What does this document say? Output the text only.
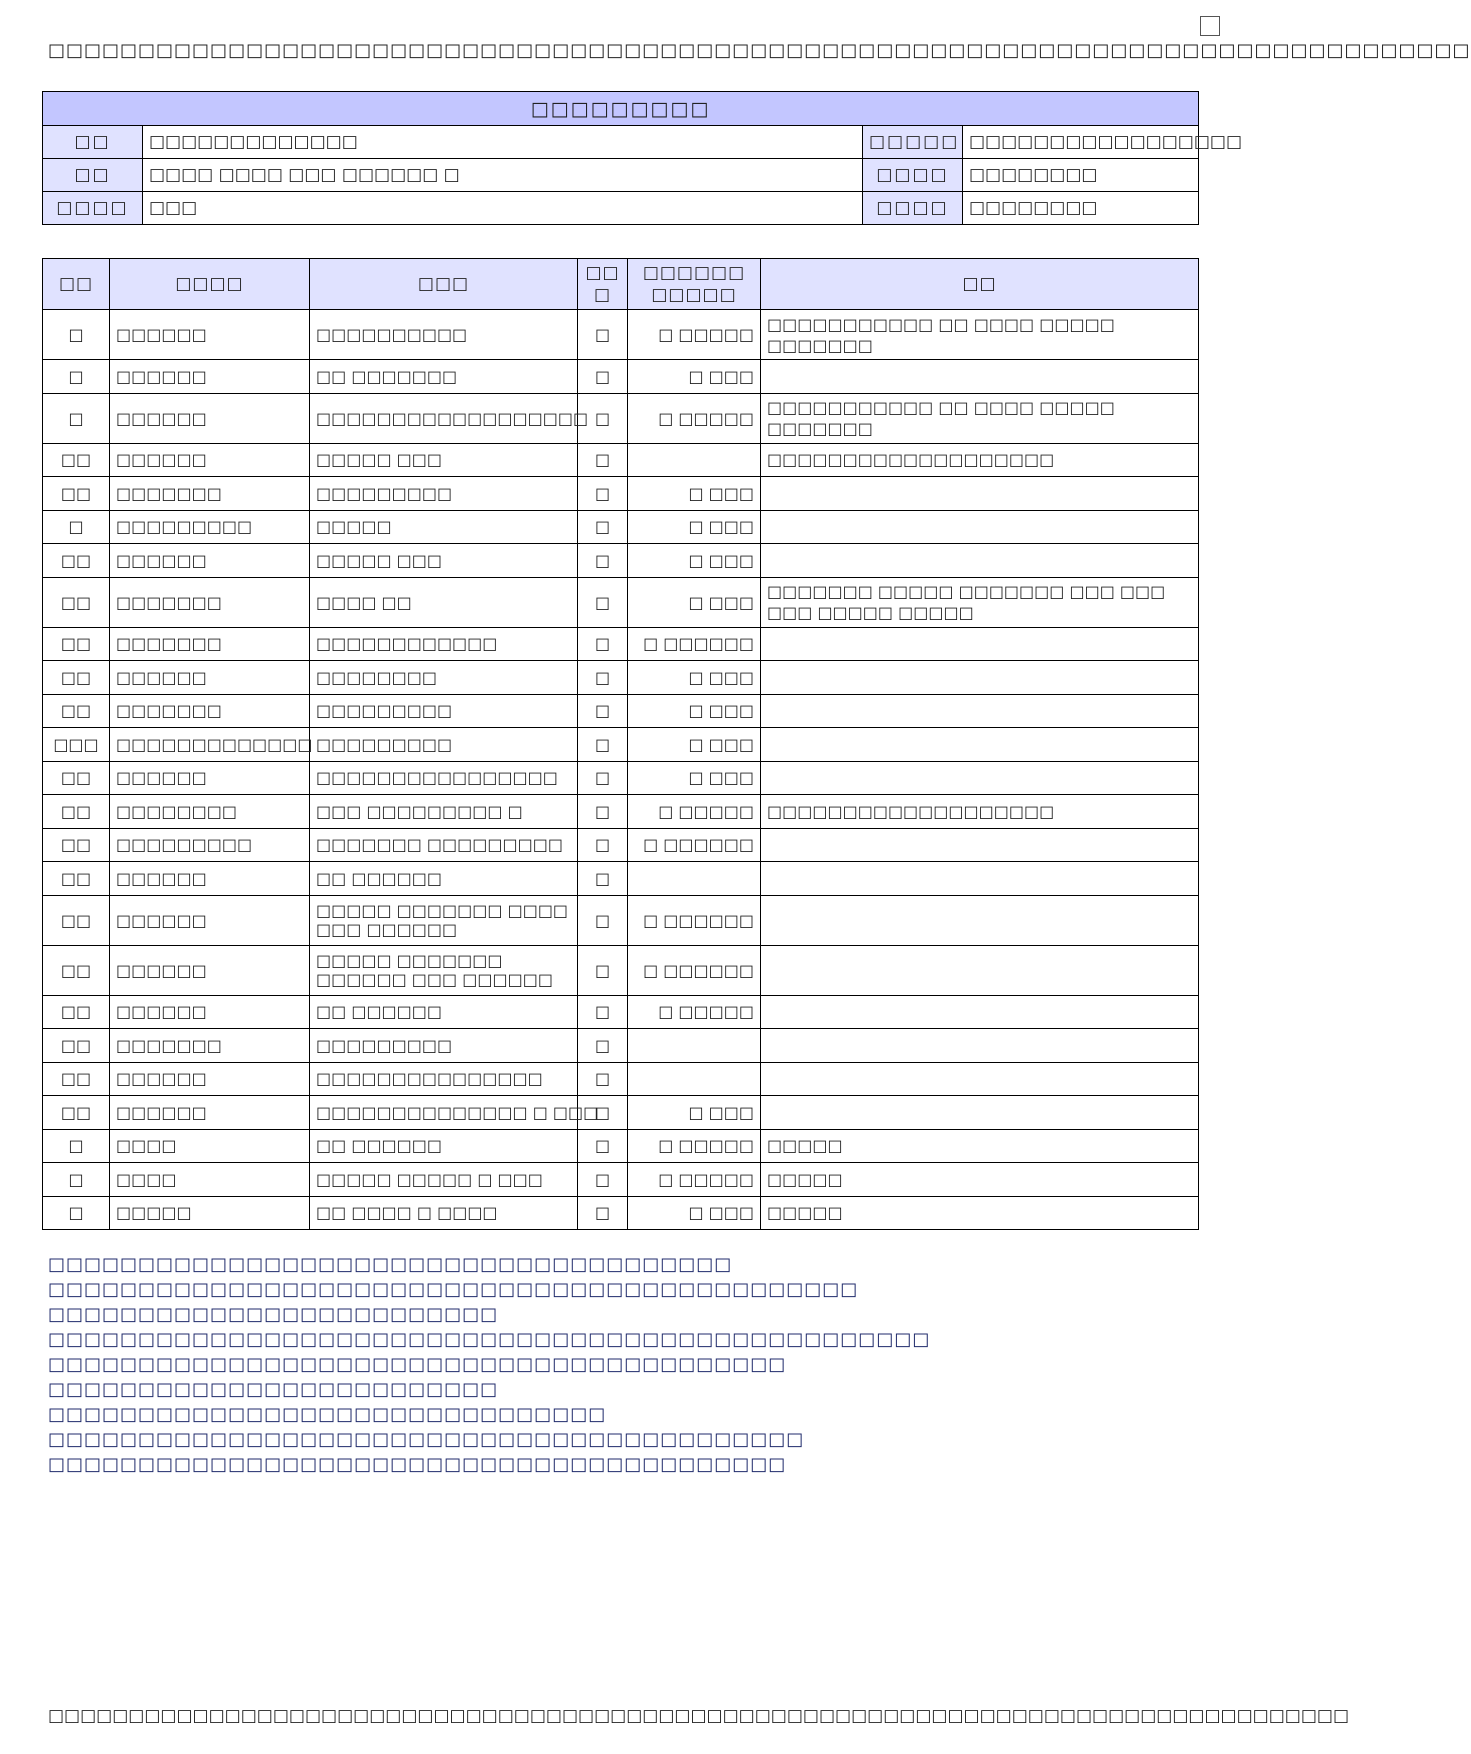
□□□□□□□□□□□□□□□□□□□□□□□□□□□□□□□□□□□□□□□□□□□□□□□□□□□□□□□□□□□□□□□□□□□□□□□□□□□□□□□
□□□□□□□□□			
□□	□□□□□□□□□□□□□	□□□□□	□□□□□□□□□□□□□□□□□
□□	□□□□ □□□□ □□□ □□□□□□ □	□□□□	□□□□□□□□
□□□□	□□□	□□□□	□□□□□□□□
□□	□□□□	□□□	□□ □	□□□□□□ □□□□□	□□
□	□□□□□□	□□□□□□□□□□	□	□ □□□□□	□□□□□□□□□□□ □□ □□□□ □□□□□ □□□□□□□
□	□□□□□□	□□ □□□□□□□	□	□ □□□	
□	□□□□□□	□□□□□□□□□□□□□□□□□□	□	□ □□□□□	□□□□□□□□□□□ □□ □□□□ □□□□□ □□□□□□□
□□	□□□□□□	□□□□□ □□□	□		□□□□□□□□□□□□□□□□□□□
□□	□□□□□□□	□□□□□□□□□	□	□ □□□	
□	□□□□□□□□□	□□□□□	□	□ □□□	
□□	□□□□□□	□□□□□ □□□	□	□ □□□	
□□	□□□□□□□	□□□□ □□	□	□ □□□	□□□□□□□ □□□□□ □□□□□□□ □□□ □□□ □□□ □□□□□ □□□□□
□□	□□□□□□□	□□□□□□□□□□□□	□	□ □□□□□□	
□□	□□□□□□	□□□□□□□□	□	□ □□□	
□□	□□□□□□□	□□□□□□□□□	□	□ □□□	
□□□	□□□□□□□□□□□□□	□□□□□□□□□	□	□ □□□	
□□	□□□□□□	□□□□□□□□□□□□□□□□	□	□ □□□	
□□	□□□□□□□□	□□□ □□□□□□□□□ □	□	□ □□□□□	□□□□□□□□□□□□□□□□□□□
□□	□□□□□□□□□	□□□□□□□ □□□□□□□□□	□	□ □□□□□□	
□□	□□□□□□	□□ □□□□□□	□		
□□	□□□□□□	□□□□□ □□□□□□□ □□□□ □□□ □□□□□□	□	□ □□□□□□	
□□	□□□□□□	□□□□□ □□□□□□□ □□□□□□ □□□ □□□□□□	□	□ □□□□□□	
□□	□□□□□□	□□ □□□□□□	□	□ □□□□□	
□□	□□□□□□□	□□□□□□□□□	□		
□□	□□□□□□	□□□□□□□□□□□□□□□	□		
□□	□□□□□□	□□□□□□□□□□□□□□ □ □□□	□	□ □□□	
□	□□□□	□□ □□□□□□	□	□ □□□□□	□□□□□
□	□□□□	□□□□□ □□□□□ □ □□□	□	□ □□□□□	□□□□□
□	□□□□□	□□ □□□□ □ □□□□	□	□ □□□	□□□□□
□□□□□□□□□□□□□□□□□□□□□□□□□□□□□□□□□□□□□□
□□□□□□□□□□□□□□□□□□□□□□□□□□□□□□□□□□□□□□□□□□□□□
□□□□□□□□□□□□□□□□□□□□□□□□□
□□□□□□□□□□□□□□□□□□□□□□□□□□□□□□□□□□□□□□□□□□□□□□□□□
□□□□□□□□□□□□□□□□□□□□□□□□□□□□□□□□□□□□□□□□□
□□□□□□□□□□□□□□□□□□□□□□□□□
□□□□□□□□□□□□□□□□□□□□□□□□□□□□□□□
□□□□□□□□□□□□□□□□□□□□□□□□□□□□□□□□□□□□□□□□□□
□□□□□□□□□□□□□□□□□□□□□□□□□□□□□□□□□□□□□□□□□
□□□□□□□□□□□□□□□□□□□□□□□□□□□□□□□□□□□□□□□□□□□□□□□□□□□□□□□□□□□□□□□□□□□□□□□□□□□□□□□□□
